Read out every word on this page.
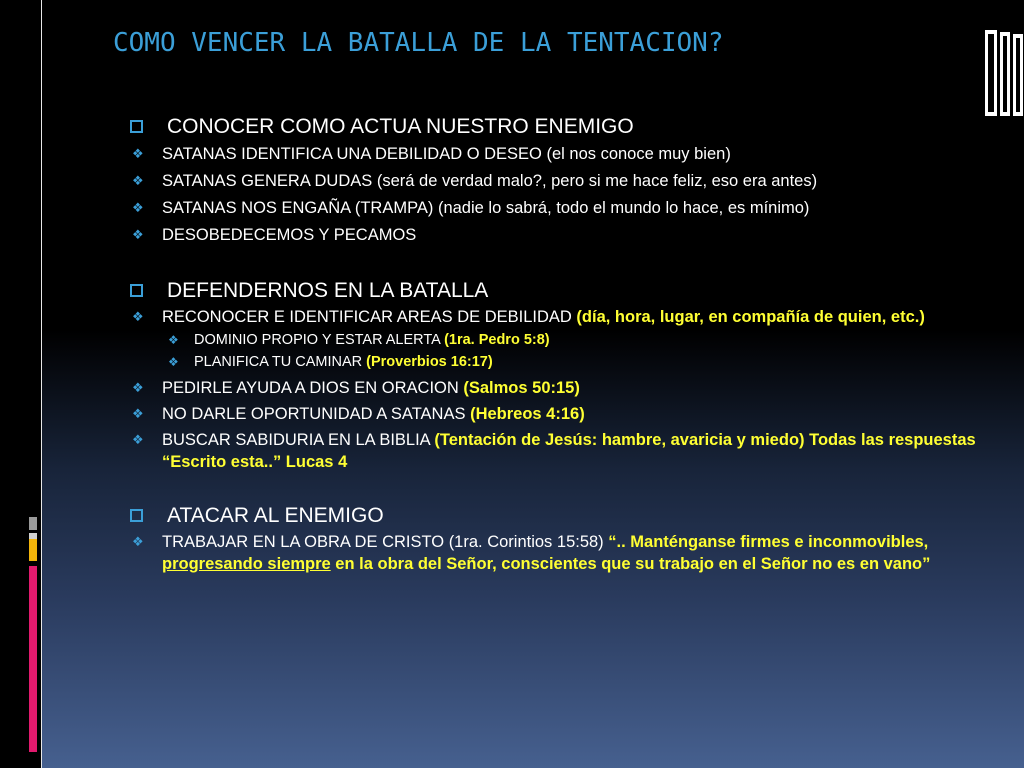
COMO VENCER LA BATALLA DE LA TENTACION?
CONOCER COMO ACTUA NUESTRO ENEMIGO
❖ SATANAS IDENTIFICA UNA DEBILIDAD O DESEO (el nos conoce muy bien)
❖ SATANAS GENERA DUDAS (será de verdad malo?, pero si me hace feliz, eso era antes)
❖ SATANAS NOS ENGAÑA (TRAMPA) (nadie lo sabrá, todo el mundo lo hace, es mínimo)
❖ DESOBEDECEMOS Y PECAMOS
DEFENDERNOS EN LA BATALLA
❖ RECONOCER E IDENTIFICAR AREAS DE DEBILIDAD (día, hora, lugar, en compañía de quien, etc.)
❖ DOMINIO PROPIO Y ESTAR ALERTA (1ra. Pedro 5:8)
❖ PLANIFICA TU CAMINAR (Proverbios 16:17)
❖ PEDIRLE AYUDA A DIOS EN ORACION (Salmos 50:15)
❖ NO DARLE OPORTUNIDAD A SATANAS (Hebreos 4:16)
❖ BUSCAR SABIDURIA EN LA BIBLIA (Tentación de Jesús: hambre, avaricia y miedo) Todas las respuestas “Escrito esta..” Lucas 4
ATACAR AL ENEMIGO
❖ TRABAJAR EN LA OBRA DE CRISTO (1ra. Corintios 15:58) “.. Manténganse firmes e inconmovibles, progresando siempre en la obra del Señor, conscientes que su trabajo en el Señor no es en vano”
